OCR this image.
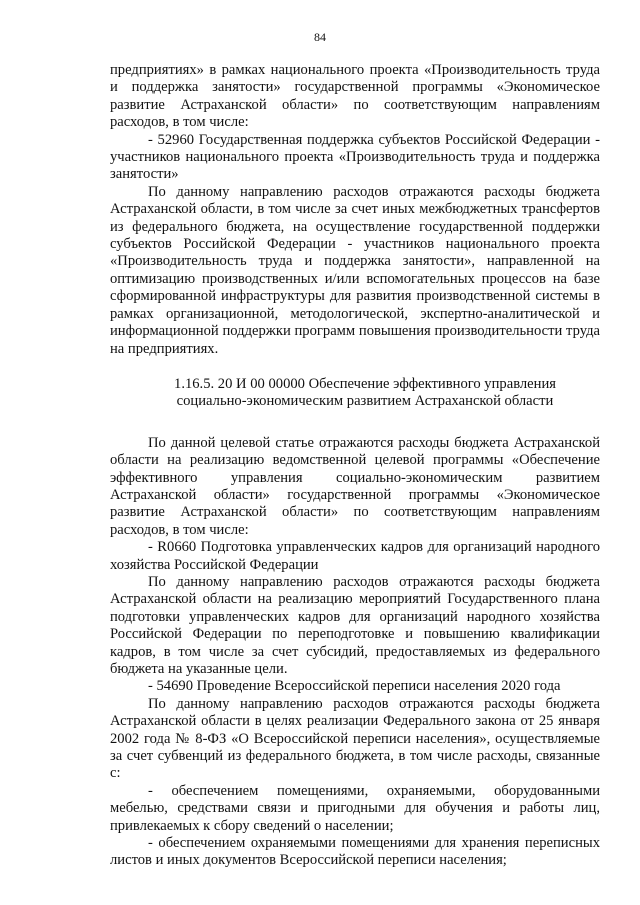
84

предприятиях» в рамках национального проекта «Производительность труда и поддержка занятости» государственной программы «Экономическое развитие Астраханской области» по соответствующим направлениям расходов, в том числе:

- 52960 Государственная поддержка субъектов Российской Федерации - участников национального проекта «Производительность труда и поддержка занятости»

По данному направлению расходов отражаются расходы бюджета Астраханской области, в том числе за счет иных межбюджетных трансфертов из федерального бюджета, на осуществление государственной поддержки субъектов Российской Федерации - участников национального проекта «Производительность труда и поддержка занятости», направленной на оптимизацию производственных и/или вспомогательных процессов на базе сформированной инфраструктуры для развития производственной системы в рамках организационной, методологической, экспертно-аналитической и информационной поддержки программ повышения производительности труда на предприятиях.

1.16.5. 20 И 00 00000 Обеспечение эффективного управления
социально-экономическим развитием Астраханской области

По данной целевой статье отражаются расходы бюджета Астраханской области на реализацию ведомственной целевой программы «Обеспечение эффективного управления социально-экономическим развитием Астраханской области» государственной программы «Экономическое развитие Астраханской области» по соответствующим направлениям расходов, в том числе:

- R0660 Подготовка управленческих кадров для организаций народного хозяйства Российской Федерации

По данному направлению расходов отражаются расходы бюджета Астраханской области на реализацию мероприятий Государственного плана подготовки управленческих кадров для организаций народного хозяйства Российской Федерации по переподготовке и повышению квалификации кадров, в том числе за счет субсидий, предоставляемых из федерального бюджета на указанные цели.

- 54690 Проведение Всероссийской переписи населения 2020 года

По данному направлению расходов отражаются расходы бюджета Астраханской области в целях реализации Федерального закона от 25 января 2002 года № 8-ФЗ «О Всероссийской переписи населения», осуществляемые за счет субвенций из федерального бюджета, в том числе расходы, связанные с:

- обеспечением помещениями, охраняемыми, оборудованными мебелью, средствами связи и пригодными для обучения и работы лиц, привлекаемых к сбору сведений о населении;

- обеспечением охраняемыми помещениями для хранения переписных листов и иных документов Всероссийской переписи населения;
